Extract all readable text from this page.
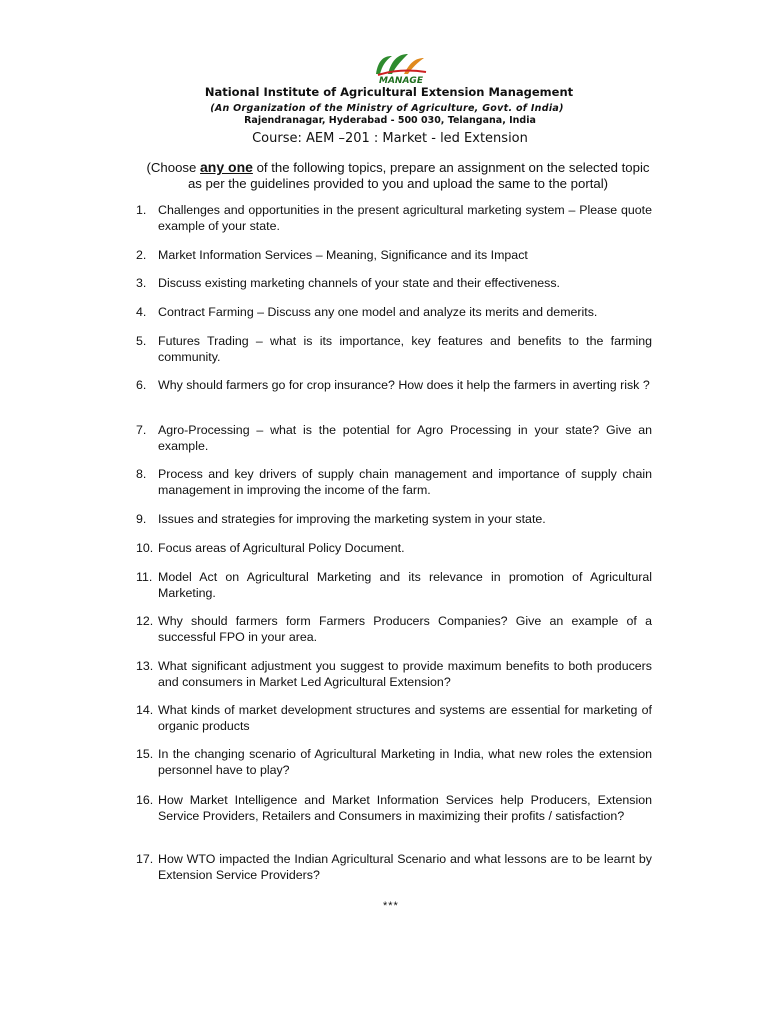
MANAGE
National Institute of Agricultural Extension Management
(An Organization of the Ministry of Agriculture, Govt. of India)
Rajendranagar, Hyderabad - 500 030, Telangana, India
Course: AEM –201 : Market - led Extension
(Choose any one of the following topics, prepare an assignment on the selected topic as per the guidelines provided to you and upload the same to the portal)
1. Challenges and opportunities in the present agricultural marketing system – Please quote example of your state.
2. Market Information Services – Meaning, Significance and its Impact
3. Discuss existing marketing channels of your state and their effectiveness.
4. Contract Farming – Discuss any one model and analyze its merits and demerits.
5. Futures Trading – what is its importance, key features and benefits to the farming community.
6. Why should farmers go for crop insurance? How does it help the farmers in averting risk ?
7. Agro-Processing – what is the potential for Agro Processing in your state? Give an example.
8. Process and key drivers of supply chain management and importance of supply chain management in improving the income of the farm.
9. Issues and strategies for improving the marketing system in your state.
10. Focus areas of Agricultural Policy Document.
11. Model Act on Agricultural Marketing and its relevance in promotion of Agricultural Marketing.
12. Why should farmers form Farmers Producers Companies? Give an example of a successful FPO in your area.
13. What significant adjustment you suggest to provide maximum benefits to both producers and consumers in Market Led Agricultural Extension?
14. What kinds of market development structures and systems are essential for marketing of organic products
15. In the changing scenario of Agricultural Marketing in India, what new roles the extension personnel have to play?
16. How Market Intelligence and Market Information Services help Producers, Extension Service Providers, Retailers and Consumers in maximizing their profits / satisfaction?
17. How WTO impacted the Indian Agricultural Scenario and what lessons are to be learnt by Extension Service Providers?
***
